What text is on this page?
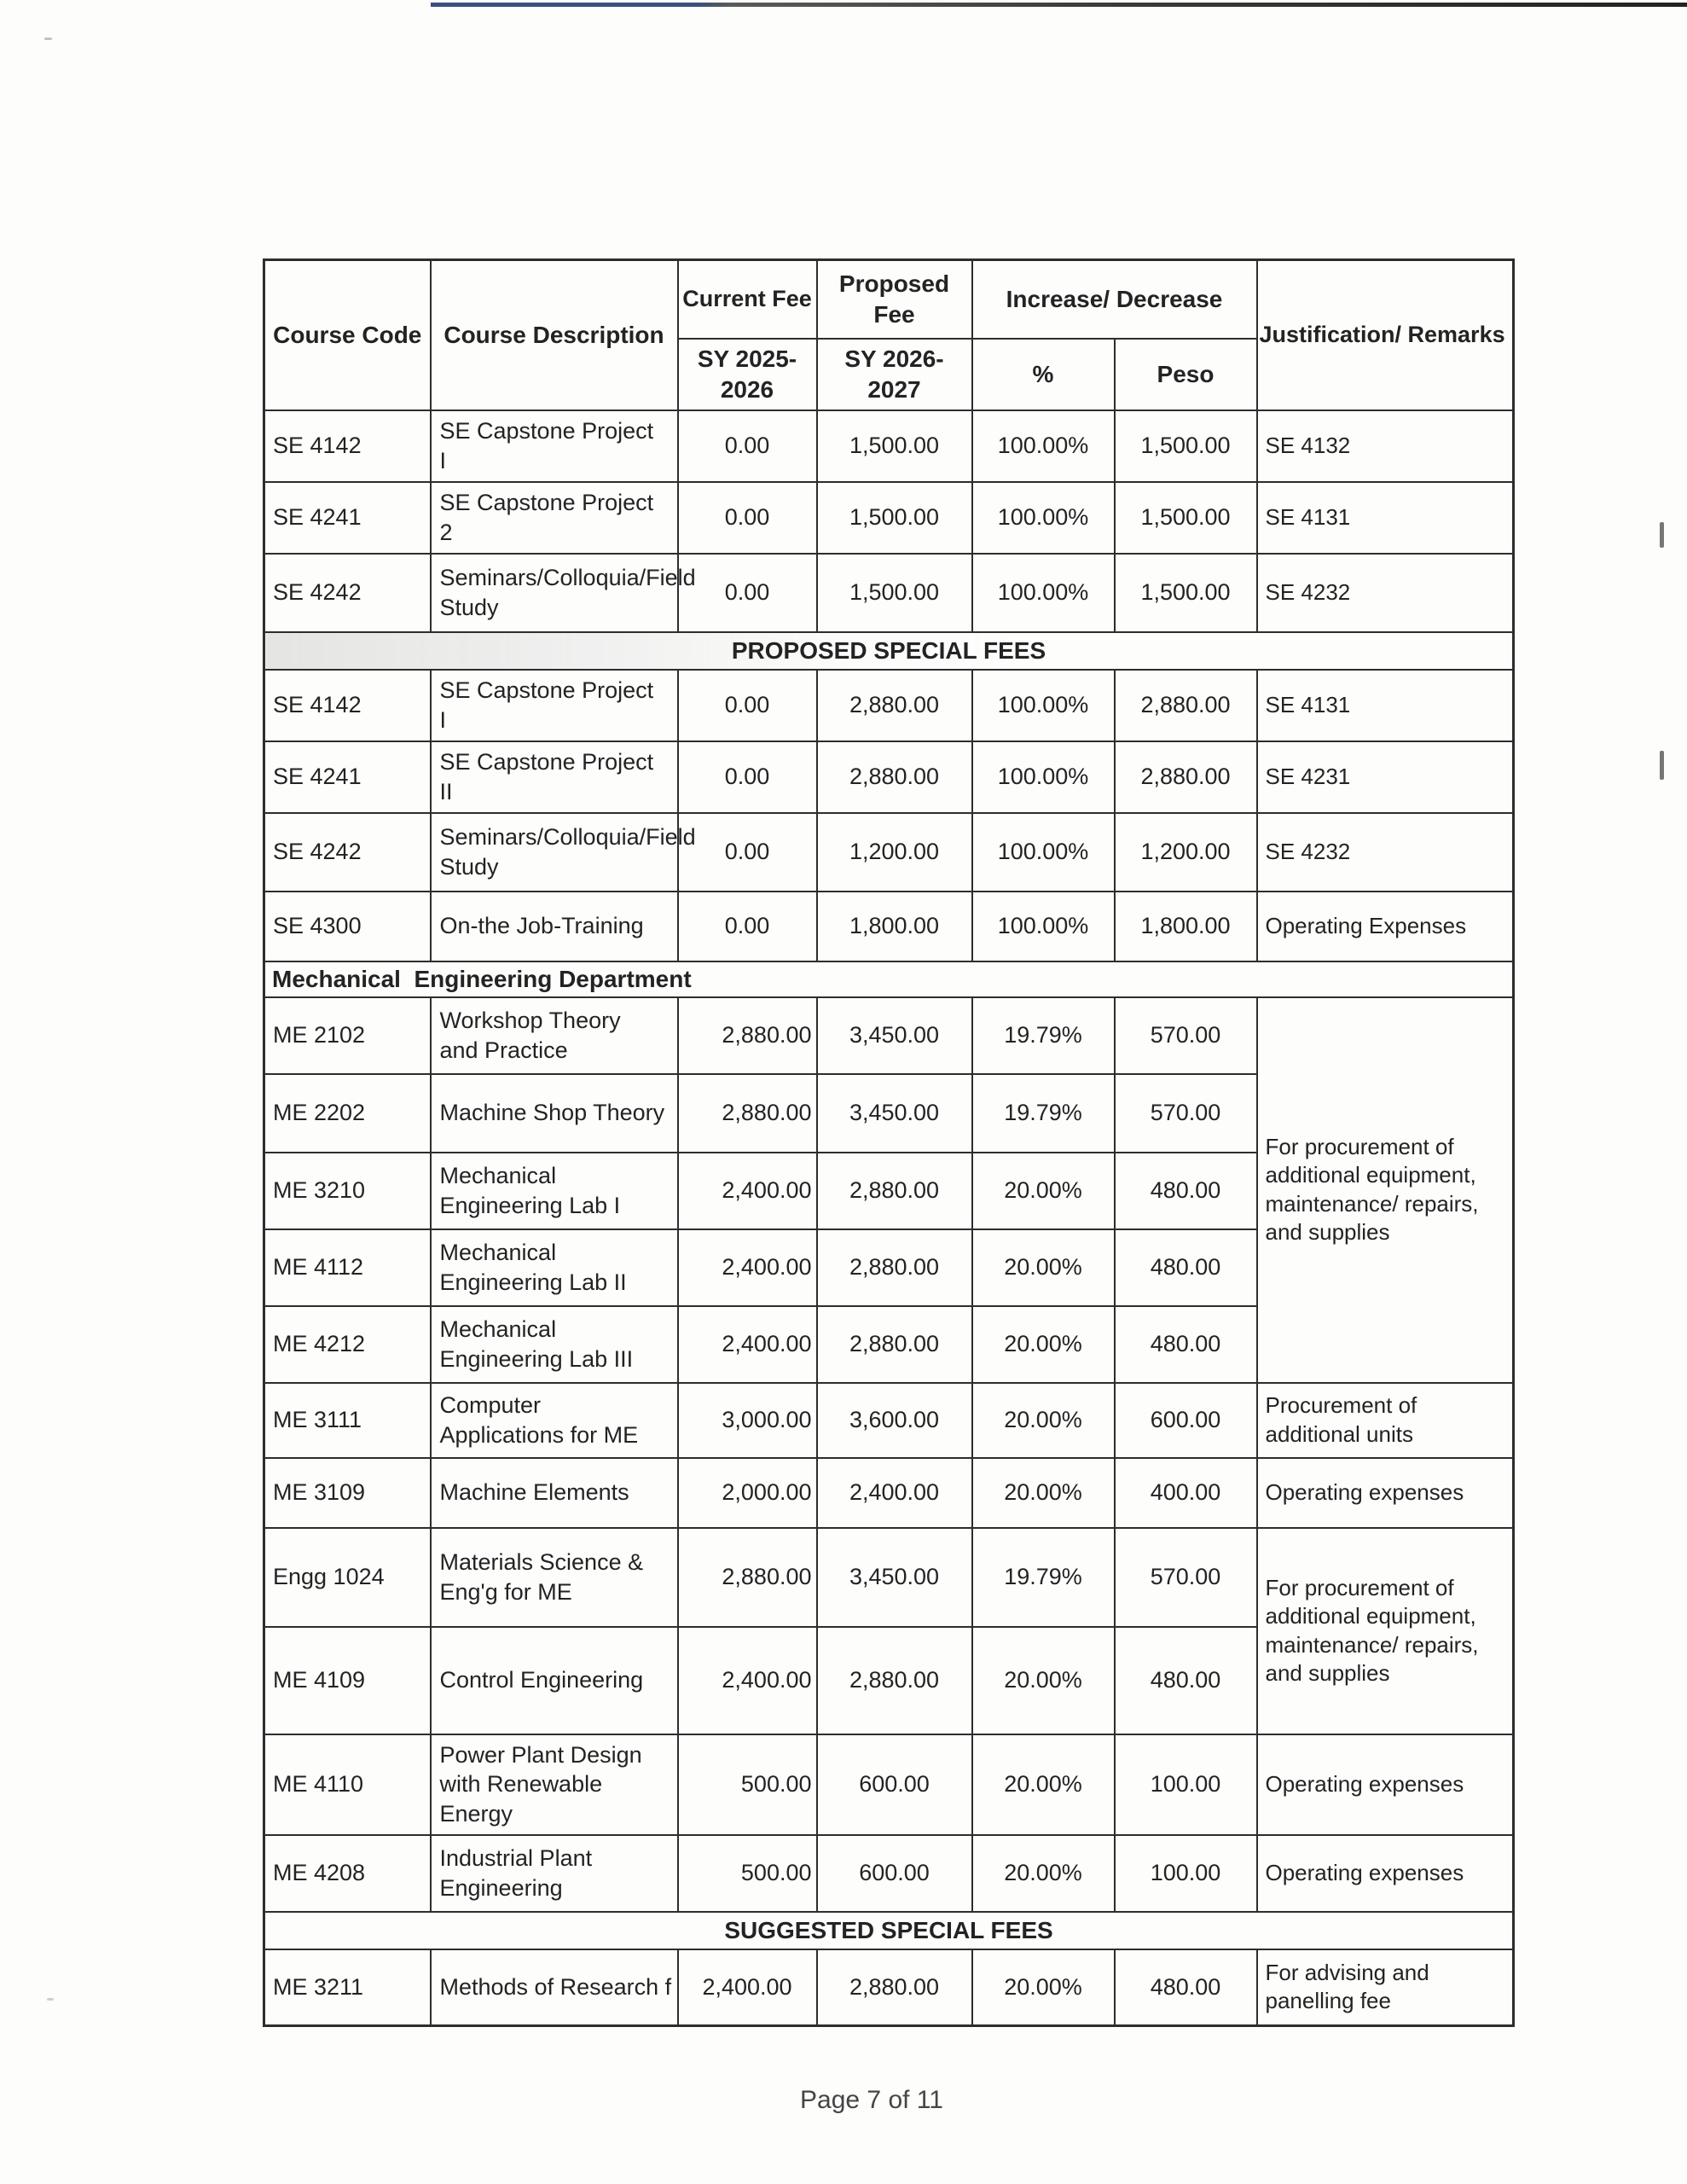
Course Code	Course Description	Current Fee	Proposed Fee	Increase/ Decrease		Justification/ Remarks
		SY 2025-2026	SY 2026-2027	%	Peso	
SE 4142	SE Capstone Project I	0.00	1,500.00	100.00%	1,500.00	SE 4132
SE 4241	SE Capstone Project 2	0.00	1,500.00	100.00%	1,500.00	SE 4131
SE 4242	Seminars/Colloquia/Field Study	0.00	1,500.00	100.00%	1,500.00	SE 4232
PROPOSED SPECIAL FEES						
SE 4142	SE Capstone Project I	0.00	2,880.00	100.00%	2,880.00	SE 4131
SE 4241	SE Capstone Project II	0.00	2,880.00	100.00%	2,880.00	SE 4231
SE 4242	Seminars/Colloquia/Field Study	0.00	1,200.00	100.00%	1,200.00	SE 4232
SE 4300	On-the Job-Training	0.00	1,800.00	100.00%	1,800.00	Operating Expenses
Mechanical  Engineering Department						
ME 2102	Workshop Theory and Practice	2,880.00	3,450.00	19.79%	570.00	For procurement of additional equipment, maintenance/ repairs, and supplies
ME 2202	Machine Shop Theory	2,880.00	3,450.00	19.79%	570.00	
ME 3210	Mechanical Engineering Lab I	2,400.00	2,880.00	20.00%	480.00	
ME 4112	Mechanical Engineering Lab II	2,400.00	2,880.00	20.00%	480.00	
ME 4212	Mechanical Engineering Lab III	2,400.00	2,880.00	20.00%	480.00	
ME 3111	Computer Applications for ME	3,000.00	3,600.00	20.00%	600.00	Procurement of additional units
ME 3109	Machine Elements	2,000.00	2,400.00	20.00%	400.00	Operating expenses
Engg 1024	Materials Science & Eng'g for ME	2,880.00	3,450.00	19.79%	570.00	For procurement of additional equipment, maintenance/ repairs, and supplies
ME 4109	Control Engineering	2,400.00	2,880.00	20.00%	480.00	
ME 4110	Power Plant Design with Renewable Energy	500.00	600.00	20.00%	100.00	Operating expenses
ME 4208	Industrial Plant Engineering	500.00	600.00	20.00%	100.00	Operating expenses
SUGGESTED SPECIAL FEES						
ME 3211	Methods of Research f	2,400.00	2,880.00	20.00%	480.00	For advising and panelling fee
Page 7 of 11
